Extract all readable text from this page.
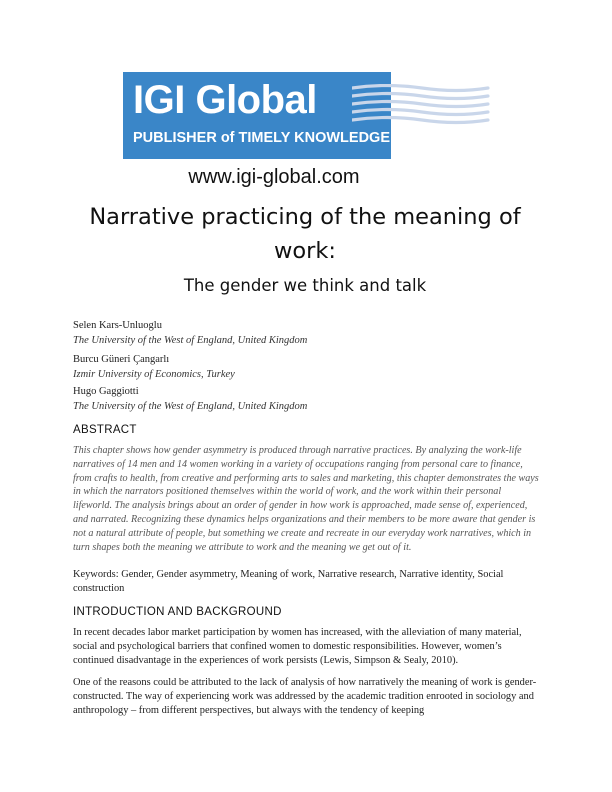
IGI Global
PUBLISHER of TIMELY KNOWLEDGE
www.igi-global.com
Narrative practicing of the meaning of work:
The gender we think and talk
Selen Kars-Unluoglu
The University of the West of England, United Kingdom
Burcu Güneri Çangarlı
Izmir University of Economics, Turkey
Hugo Gaggiotti
The University of the West of England, United Kingdom
ABSTRACT

This chapter shows how gender asymmetry is produced through narrative practices. By analyzing the work-life narratives of 14 men and 14 women working in a variety of occupations ranging from personal care to finance, from crafts to health, from creative and performing arts to sales and marketing, this chapter demonstrates the ways in which the narrators positioned themselves within the world of work, and the work within their personal lifeworld. The analysis brings about an order of gender in how work is approached, made sense of, experienced, and narrated. Recognizing these dynamics helps organizations and their members to be more aware that gender is not a natural attribute of people, but something we create and recreate in our everyday work narratives, which in turn shapes both the meaning we attribute to work and the meaning we get out of it.

Keywords: Gender, Gender asymmetry, Meaning of work, Narrative research, Narrative identity, Social construction

INTRODUCTION AND BACKGROUND

In recent decades labor market participation by women has increased, with the alleviation of many material, social and psychological barriers that confined women to domestic responsibilities. However, women’s continued disadvantage in the experiences of work persists (Lewis, Simpson & Sealy, 2010).

One of the reasons could be attributed to the lack of analysis of how narratively the meaning of work is gender-constructed. The way of experiencing work was addressed by the academic tradition enrooted in sociology and anthropology – from different perspectives, but always with the tendency of keeping
